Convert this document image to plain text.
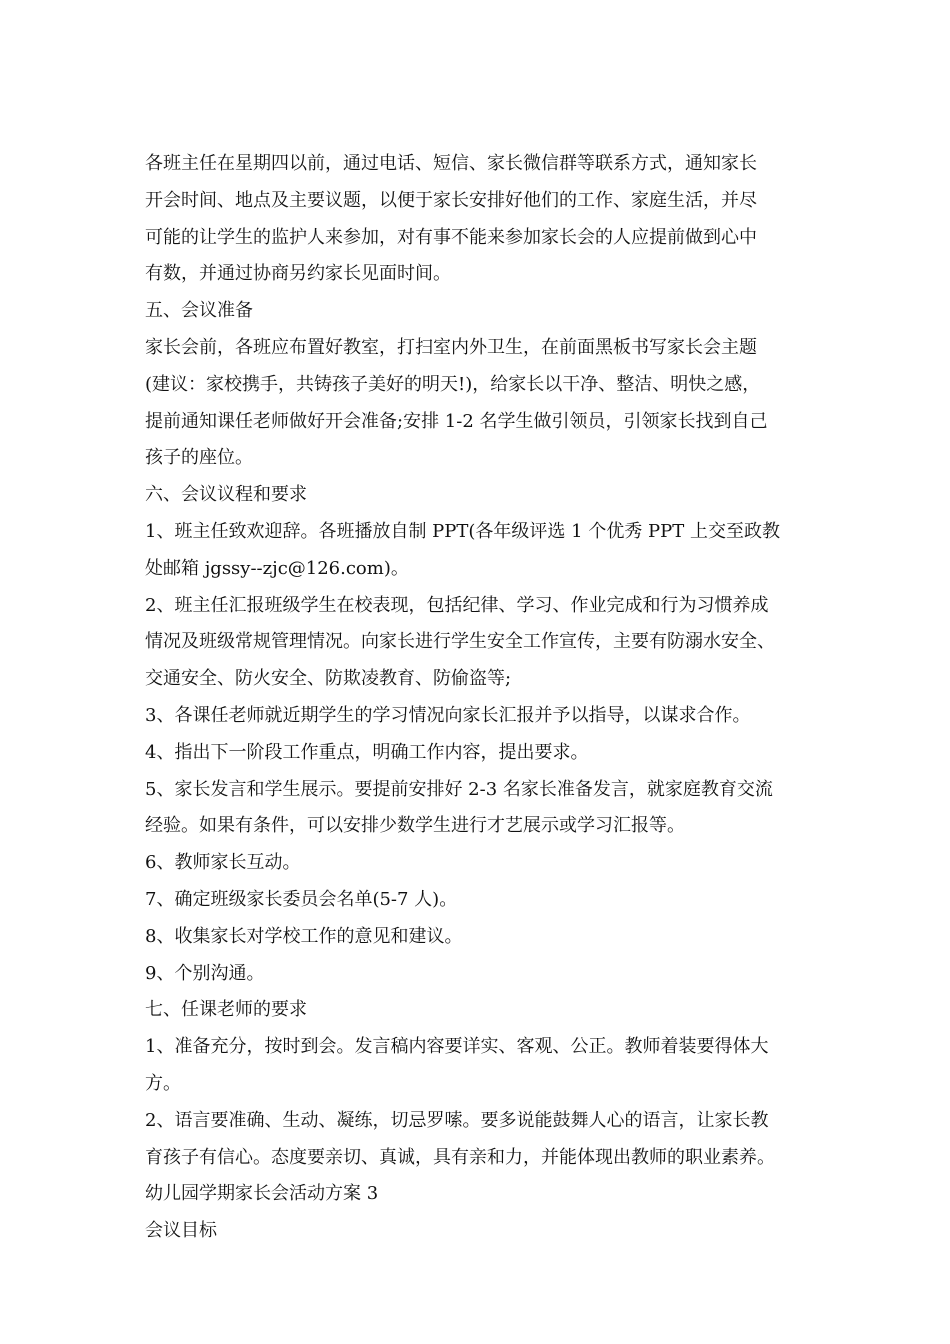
各班主任在星期四以前，通过电话、短信、家长微信群等联系方式，通知家长
开会时间、地点及主要议题，以便于家长安排好他们的工作、家庭生活，并尽
可能的让学生的监护人来参加，对有事不能来参加家长会的人应提前做到心中
有数，并通过协商另约家长见面时间。
五、会议准备
家长会前，各班应布置好教室，打扫室内外卫生，在前面黑板书写家长会主题
(建议：家校携手，共铸孩子美好的明天!)，给家长以干净、整洁、明快之感，
提前通知课任老师做好开会准备;安排 1-2 名学生做引领员，引领家长找到自己
孩子的座位。
六、会议议程和要求
1、班主任致欢迎辞。各班播放自制 PPT(各年级评选 1 个优秀 PPT 上交至政教
处邮箱 jgssy--zjc@126.com)。
2、班主任汇报班级学生在校表现，包括纪律、学习、作业完成和行为习惯养成
情况及班级常规管理情况。向家长进行学生安全工作宣传，主要有防溺水安全、
交通安全、防火安全、防欺凌教育、防偷盗等;
3、各课任老师就近期学生的学习情况向家长汇报并予以指导，以谋求合作。
4、指出下一阶段工作重点，明确工作内容，提出要求。
5、家长发言和学生展示。要提前安排好 2-3 名家长准备发言，就家庭教育交流
经验。如果有条件，可以安排少数学生进行才艺展示或学习汇报等。
6、教师家长互动。
7、确定班级家长委员会名单(5-7 人)。
8、收集家长对学校工作的意见和建议。
9、个别沟通。
七、任课老师的要求
1、准备充分，按时到会。发言稿内容要详实、客观、公正。教师着装要得体大
方。
2、语言要准确、生动、凝练，切忌罗嗦。要多说能鼓舞人心的语言，让家长教
育孩子有信心。态度要亲切、真诚，具有亲和力，并能体现出教师的职业素养。
幼儿园学期家长会活动方案 3
会议目标
